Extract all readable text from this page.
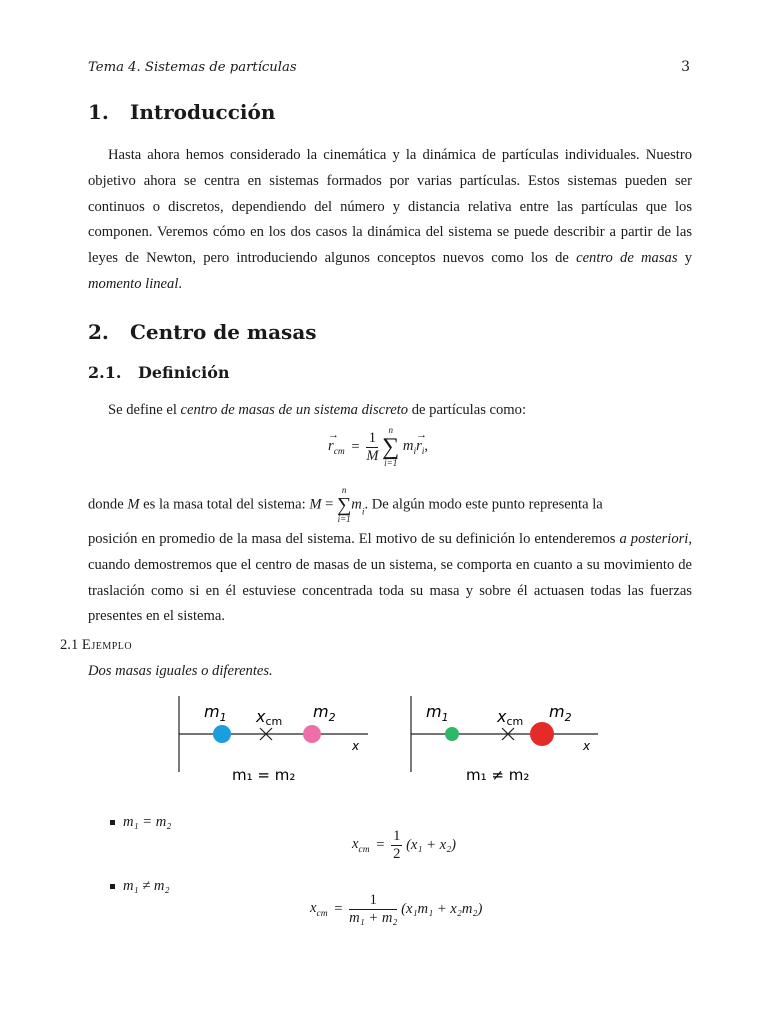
Tema 4. Sistemas de partículas	3
1. Introducción
Hasta ahora hemos considerado la cinemática y la dinámica de partículas individuales. Nuestro objetivo ahora se centra en sistemas formados por varias partículas. Estos sistemas pueden ser continuos o discretos, dependiendo del número y distancia relativa entre las partículas que los componen. Veremos cómo en los dos casos la dinámica del sistema se puede describir a partir de las leyes de Newton, pero introduciendo algunos conceptos nuevos como los de centro de masas y momento lineal.
2. Centro de masas
2.1. Definición
Se define el centro de masas de un sistema discreto de partículas como:
r
→
$_{cm} = \frac{1}{M}$
	n
∑
i=1
$m_ir$
→
$_i$,
donde M es la masa total del sistema: M =
n
∑
i=1
$m_i$. De algún modo este punto representa la
posición en promedio de la masa del sistema. El motivo de su definición lo entenderemos a posteriori, cuando demostremos que el centro de masas de un sistema, se comporta en cuanto a su movimiento de traslación como si en él estuviese concentrada toda su masa y sobre él actuasen todas las fuerzas presentes en el sistema.
2.1 Ejemplo
Dos masas iguales o diferentes.
$m_1$ xcm
$m_2$
x
m₁ = m₂
$m_1$	xcm
$m_2$
x
m₁ ≠ m₂
m₁ = m₂
$x_{cm} = \frac{1}{2} (x_1 + x_2)$
m₁ ≠ m₂
$x_{cm} = \frac{1}{\text{m₁ + m₂}} (x_1m_1 + x_2m_2)$
